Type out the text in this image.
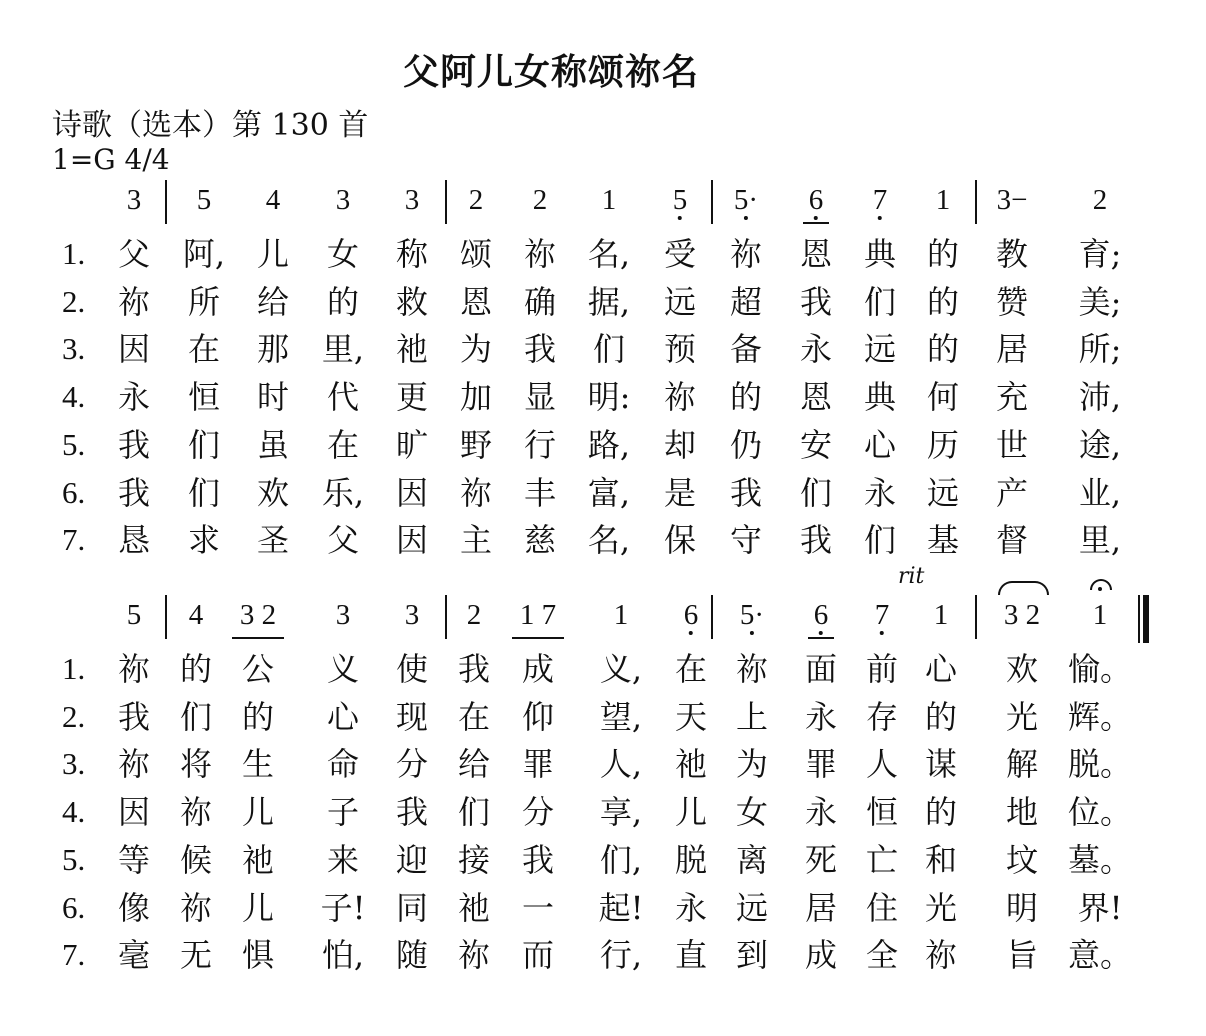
父阿儿女称颂祢名
诗歌（选本）第 130 首
1=G 4/4
rit
3 5 4 3 3 2 2 1 5 5· 6 7 1 3− 2
1. 父 阿, 儿 女 称 颂 祢 名, 受 祢 恩 典 的 教 育;
2. 祢 所 给 的 救 恩 确 据, 远 超 我 们 的 赞 美;
3. 因 在 那 里, 祂 为 我 们 预 备 永 远 的 居 所;
4. 永 恒 时 代 更 加 显 明: 祢 的 恩 典 何 充 沛,
5. 我 们 虽 在 旷 野 行 路, 却 仍 安 心 历 世 途,
6. 我 们 欢 乐, 因 祢 丰 富, 是 我 们 永 远 产 业,
7. 恳 求 圣 父 因 主 慈 名, 保 守 我 们 基 督 里,
5 4 3 2 3 3 2 1 7 1 6 5· 6 7 1 3 2 1
1. 祢 的 公 义 使 我 成 义, 在 祢 面 前 心 欢 愉。
2. 我 们 的 心 现 在 仰 望, 天 上 永 存 的 光 辉。
3. 祢 将 生 命 分 给 罪 人, 祂 为 罪 人 谋 解 脱。
4. 因 祢 儿 子 我 们 分 享, 儿 女 永 恒 的 地 位。
5. 等 候 祂 来 迎 接 我 们, 脱 离 死 亡 和 坟 墓。
6. 像 祢 儿 子! 同 祂 一 起! 永 远 居 住 光 明 界!
7. 毫 无 惧 怕, 随 祢 而 行, 直 到 成 全 祢 旨 意。
